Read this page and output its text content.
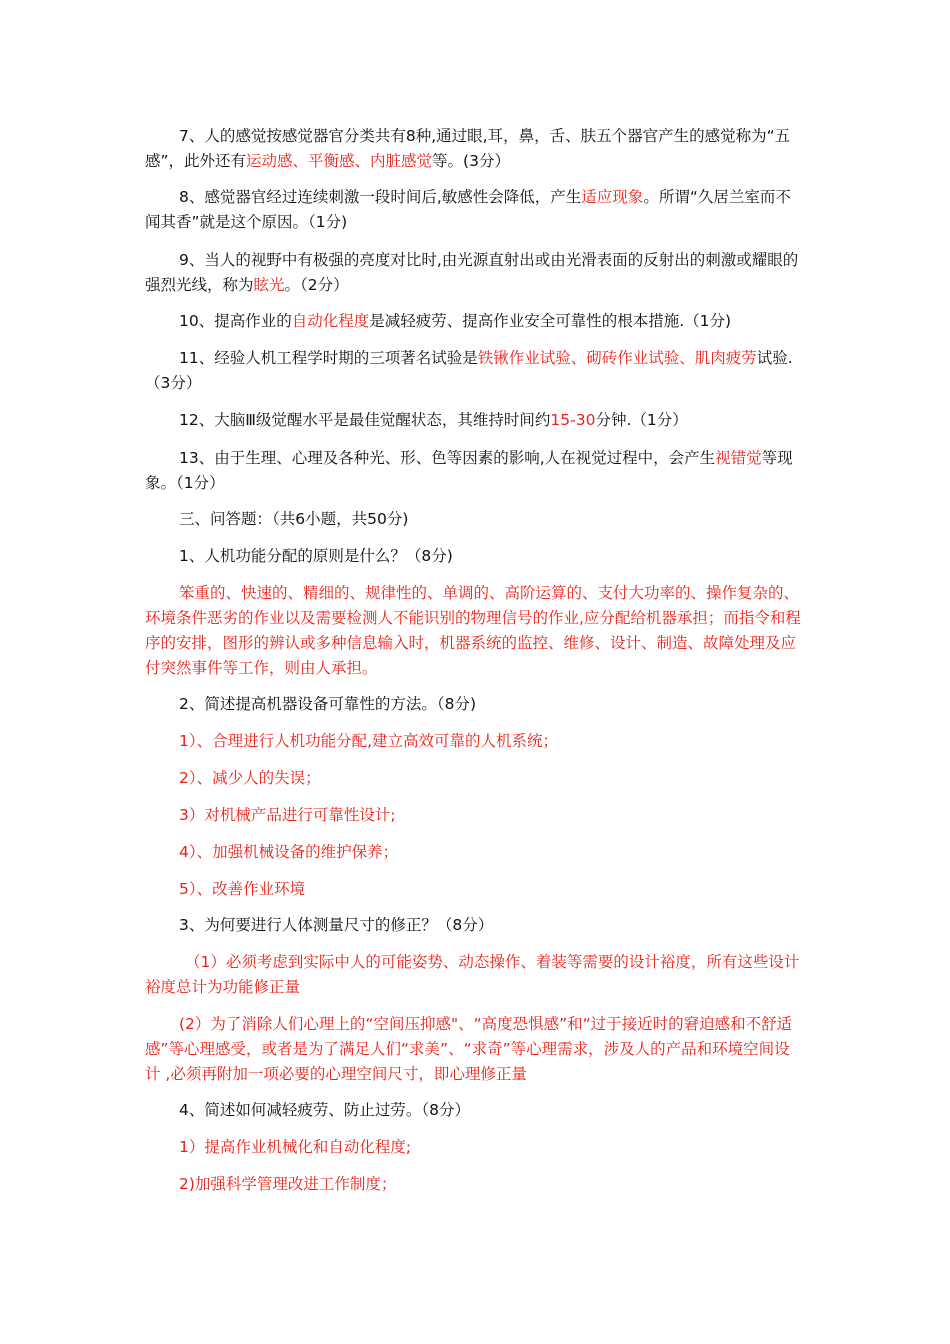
7、人的感觉按感觉器官分类共有8种,通过眼,耳，鼻，舌、肤五个器官产生的感觉称为“五感”，此外还有运动感、平衡感、内脏感觉等。(3分）

8、感觉器官经过连续刺激一段时间后,敏感性会降低，产生适应现象。所谓“久居兰室而不闻其香”就是这个原因。（1分)

9、当人的视野中有极强的亮度对比时,由光源直射出或由光滑表面的反射出的刺激或耀眼的强烈光线，称为眩光。（2分）

10、提高作业的自动化程度是减轻疲劳、提高作业安全可靠性的根本措施.（1分)

11、经验人机工程学时期的三项著名试验是铁锹作业试验、砌砖作业试验、肌肉疲劳试验.（3分）

12、大脑Ⅲ级觉醒水平是最佳觉醒状态，其维持时间约15-30分钟.（1分）

13、由于生理、心理及各种光、形、色等因素的影响,人在视觉过程中，会产生视错觉等现象。（1分）

三、问答题：（共6小题，共50分)

1、人机功能分配的原则是什么？（8分)

笨重的、快速的、精细的、规律性的、单调的、高阶运算的、支付大功率的、操作复杂的、环境条件恶劣的作业以及需要检测人不能识别的物理信号的作业,应分配给机器承担；而指令和程序的安排，图形的辨认或多种信息输入时，机器系统的监控、维修、设计、制造、故障处理及应付突然事件等工作，则由人承担。

2、简述提高机器设备可靠性的方法。（8分)

1）、合理进行人机功能分配,建立高效可靠的人机系统；

2）、减少人的失误；

3）对机械产品进行可靠性设计;

4）、加强机械设备的维护保养；

5）、改善作业环境

3、为何要进行人体测量尺寸的修正？（8分）

（1）必须考虑到实际中人的可能姿势、动态操作、着装等需要的设计裕度，所有这些设计裕度总计为功能修正量

(2）为了消除人们心理上的“空间压抑感"、“高度恐惧感”和“过于接近时的窘迫感和不舒适感”等心理感受，或者是为了满足人们“求美”、“求奇”等心理需求，涉及人的产品和环境空间设计 ,必须再附加一项必要的心理空间尺寸，即心理修正量

4、简述如何减轻疲劳、防止过劳。（8分）

1）提高作业机械化和自动化程度;

2)加强科学管理改进工作制度；
